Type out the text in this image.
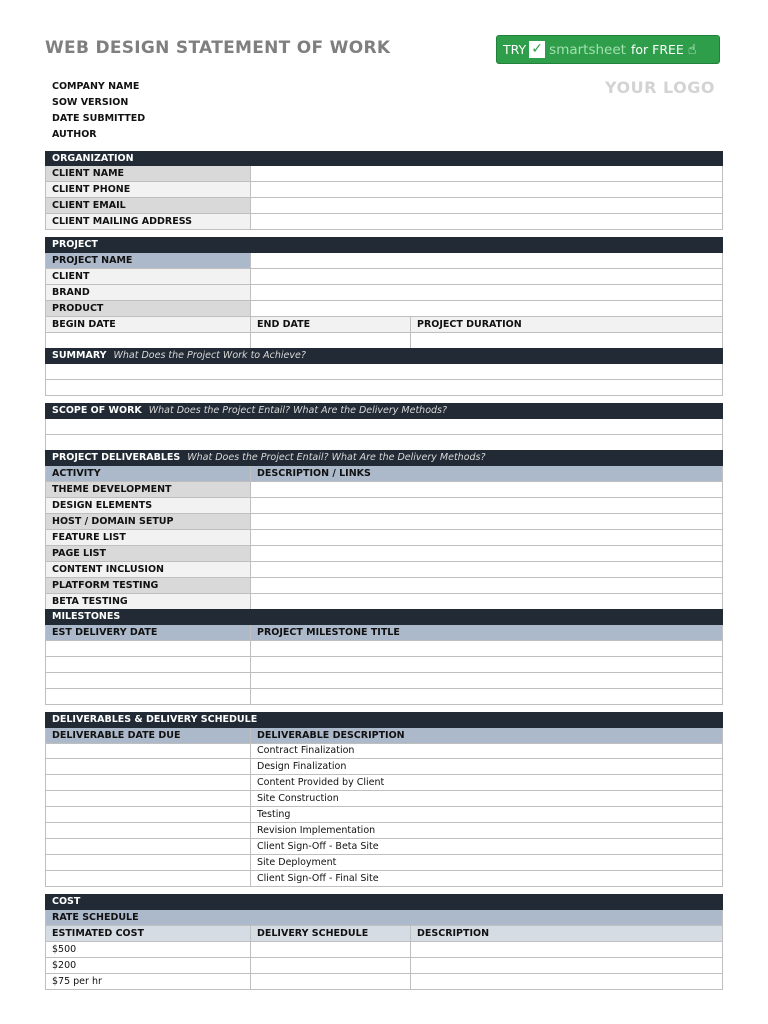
WEB DESIGN STATEMENT OF WORK	TRY ✓ smartsheet for FREE ☝
YOUR LOGO
COMPANY NAME
SOW VERSION
DATE SUBMITTED
AUTHOR
ORGANIZATION
CLIENT NAME
CLIENT PHONE
CLIENT EMAIL
CLIENT MAILING ADDRESS
PROJECT
PROJECT NAME
CLIENT
BRAND
PRODUCT
BEGIN DATE	END DATE	PROJECT DURATION
SUMMARY What Does the Project Work to Achieve?
SCOPE OF WORK What Does the Project Entail? What Are the Delivery Methods?
PROJECT DELIVERABLES What Does the Project Entail? What Are the Delivery Methods?
ACTIVITY	DESCRIPTION / LINKS
THEME DEVELOPMENT
DESIGN ELEMENTS
HOST / DOMAIN SETUP
FEATURE LIST
PAGE LIST
CONTENT INCLUSION
PLATFORM TESTING
BETA TESTING
MILESTONES
EST DELIVERY DATE	PROJECT MILESTONE TITLE
DELIVERABLES & DELIVERY SCHEDULE
DELIVERABLE DATE DUE	DELIVERABLE DESCRIPTION
Contract Finalization
Design Finalization
Content Provided by Client
Site Construction
Testing
Revision Implementation
Client Sign-Off - Beta Site
Site Deployment
Client Sign-Off - Final Site
COST
RATE SCHEDULE
ESTIMATED COST	DELIVERY SCHEDULE	DESCRIPTION
$500
$200
$75 per hr
